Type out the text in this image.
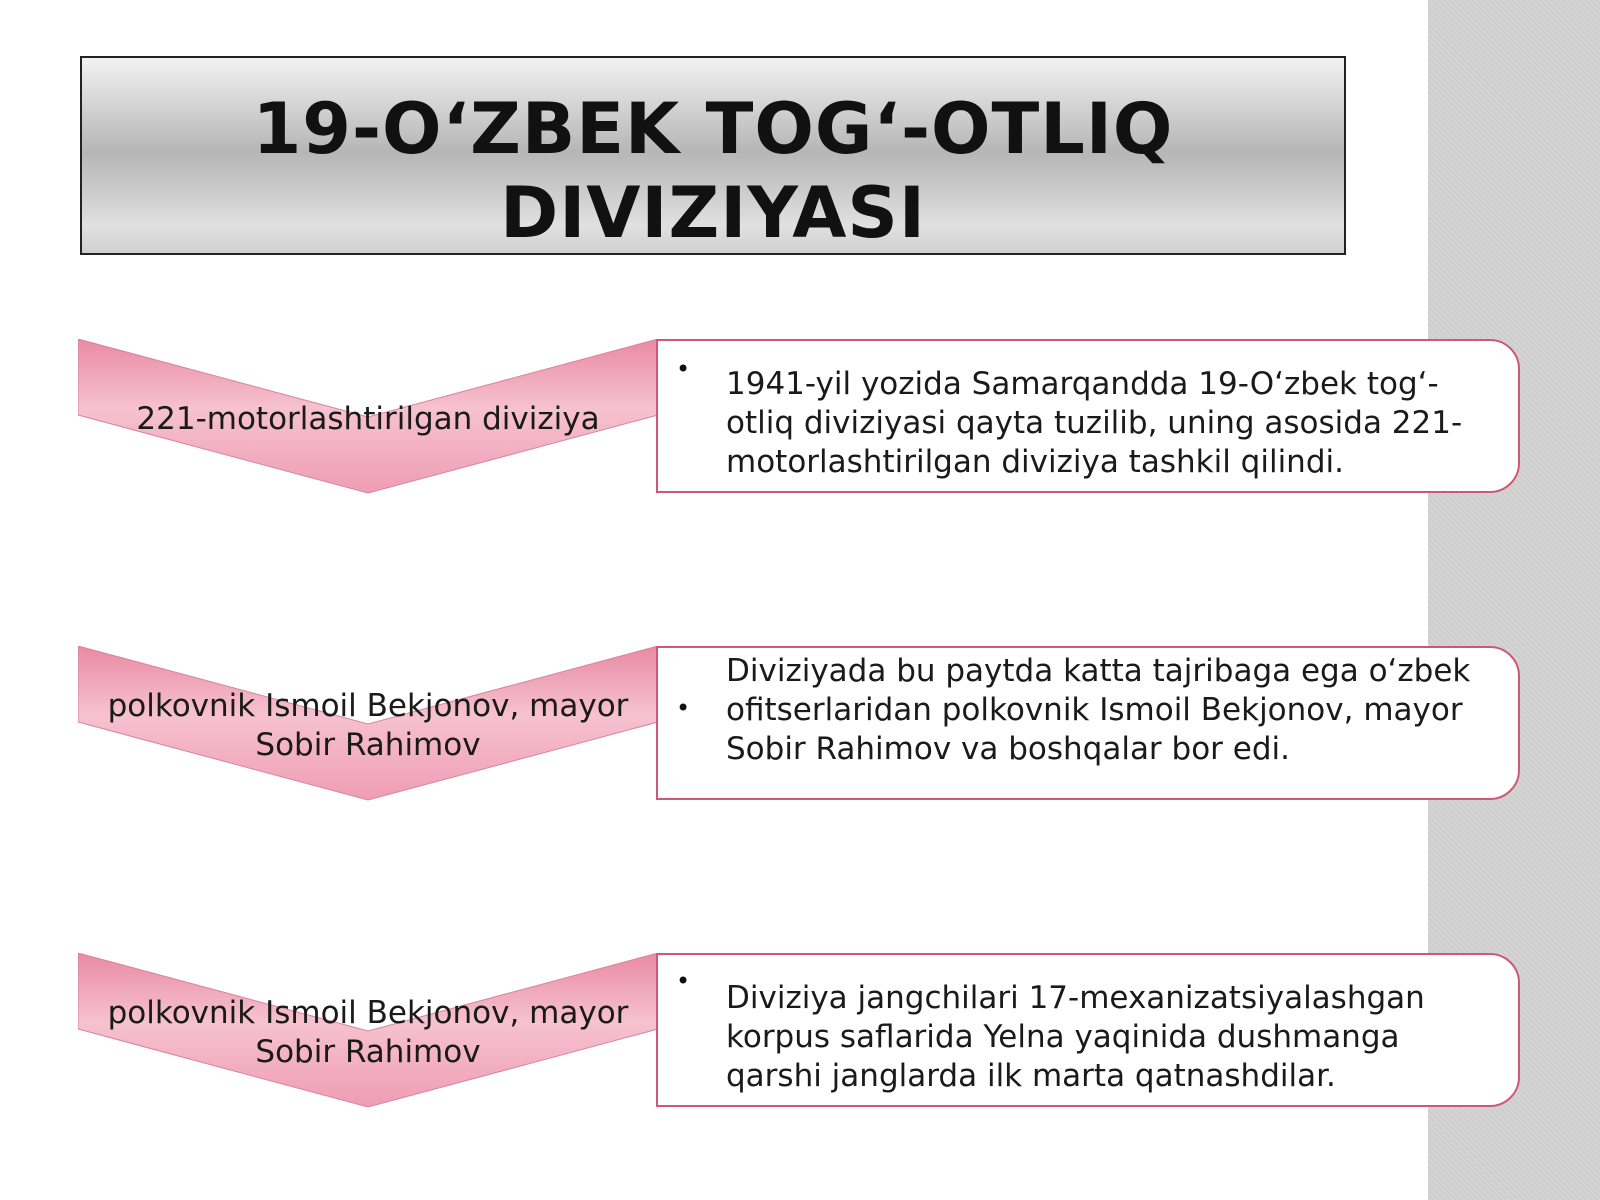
19-O‘ZBEK TOG‘-OTLIQ DIVIZIYASI
221-motorlashtirilgan diviziya
• 1941-yil yozida Samarqandda 19-O‘zbek tog‘-otliq diviziyasi qayta tuzilib, uning asosida 221-motorlashtirilgan diviziya tashkil qilindi.
polkovnik Ismoil Bekjonov, mayor Sobir Rahimov
•
Diviziyada bu paytda katta tajribaga ega o‘zbek ofitserlaridan polkovnik Ismoil Bekjonov, mayor Sobir Rahimov va boshqalar bor edi.
polkovnik Ismoil Bekjonov, mayor Sobir Rahimov
• Diviziya jangchilari 17-mexanizatsiyalashgan korpus saflarida Yelna yaqinida dushmanga qarshi janglarda ilk marta qatnashdilar.
